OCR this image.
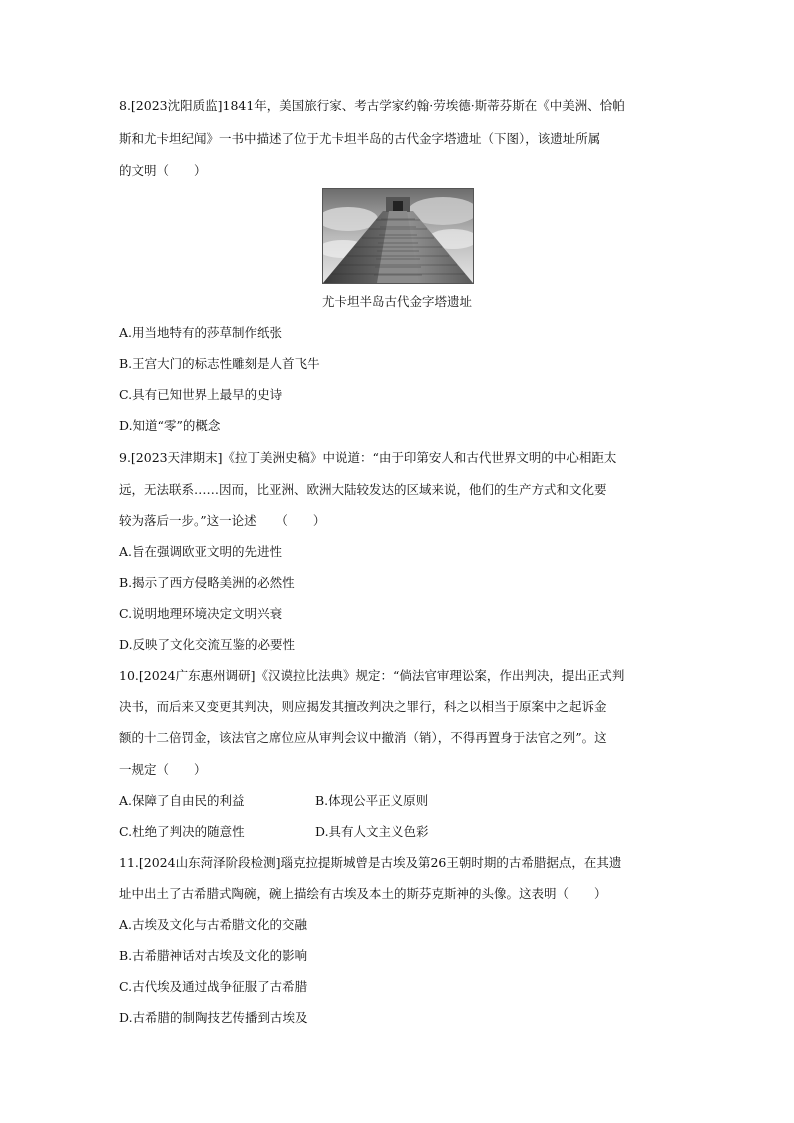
8.[2023沈阳质监]1841年，美国旅行家、考古学家约翰·劳埃德·斯蒂芬斯在《中美洲、恰帕
斯和尤卡坦纪闻》一书中描述了位于尤卡坦半岛的古代金字塔遗址（下图），该遗址所属
的文明（　　）
尤卡坦半岛古代金字塔遗址
A.用当地特有的莎草制作纸张
B.王宫大门的标志性雕刻是人首飞牛
C.具有已知世界上最早的史诗
D.知道“零”的概念
9.[2023天津期末]《拉丁美洲史稿》中说道：“由于印第安人和古代世界文明的中心相距太
远，无法联系……因而，比亚洲、欧洲大陆较发达的区域来说，他们的生产方式和文化要
较为落后一步。”这一论述　　（　　）
A.旨在强调欧亚文明的先进性
B.揭示了西方侵略美洲的必然性
C.说明地理环境决定文明兴衰
D.反映了文化交流互鉴的必要性
10.[2024广东惠州调研]《汉谟拉比法典》规定：“倘法官审理讼案，作出判决，提出正式判
决书，而后来又变更其判决，则应揭发其擅改判决之罪行，科之以相当于原案中之起诉金
额的十二倍罚金，该法官之席位应从审判会议中撤消（销），不得再置身于法官之列”。这
一规定（　　）
A.保障了自由民的利益	B.体现公平正义原则
C.杜绝了判决的随意性	D.具有人文主义色彩
11.[2024山东菏泽阶段检测]瑙克拉提斯城曾是古埃及第26王朝时期的古希腊据点，在其遗
址中出土了古希腊式陶碗，碗上描绘有古埃及本土的斯芬克斯神的头像。这表明（　　）
A.古埃及文化与古希腊文化的交融
B.古希腊神话对古埃及文化的影响
C.古代埃及通过战争征服了古希腊
D.古希腊的制陶技艺传播到古埃及
